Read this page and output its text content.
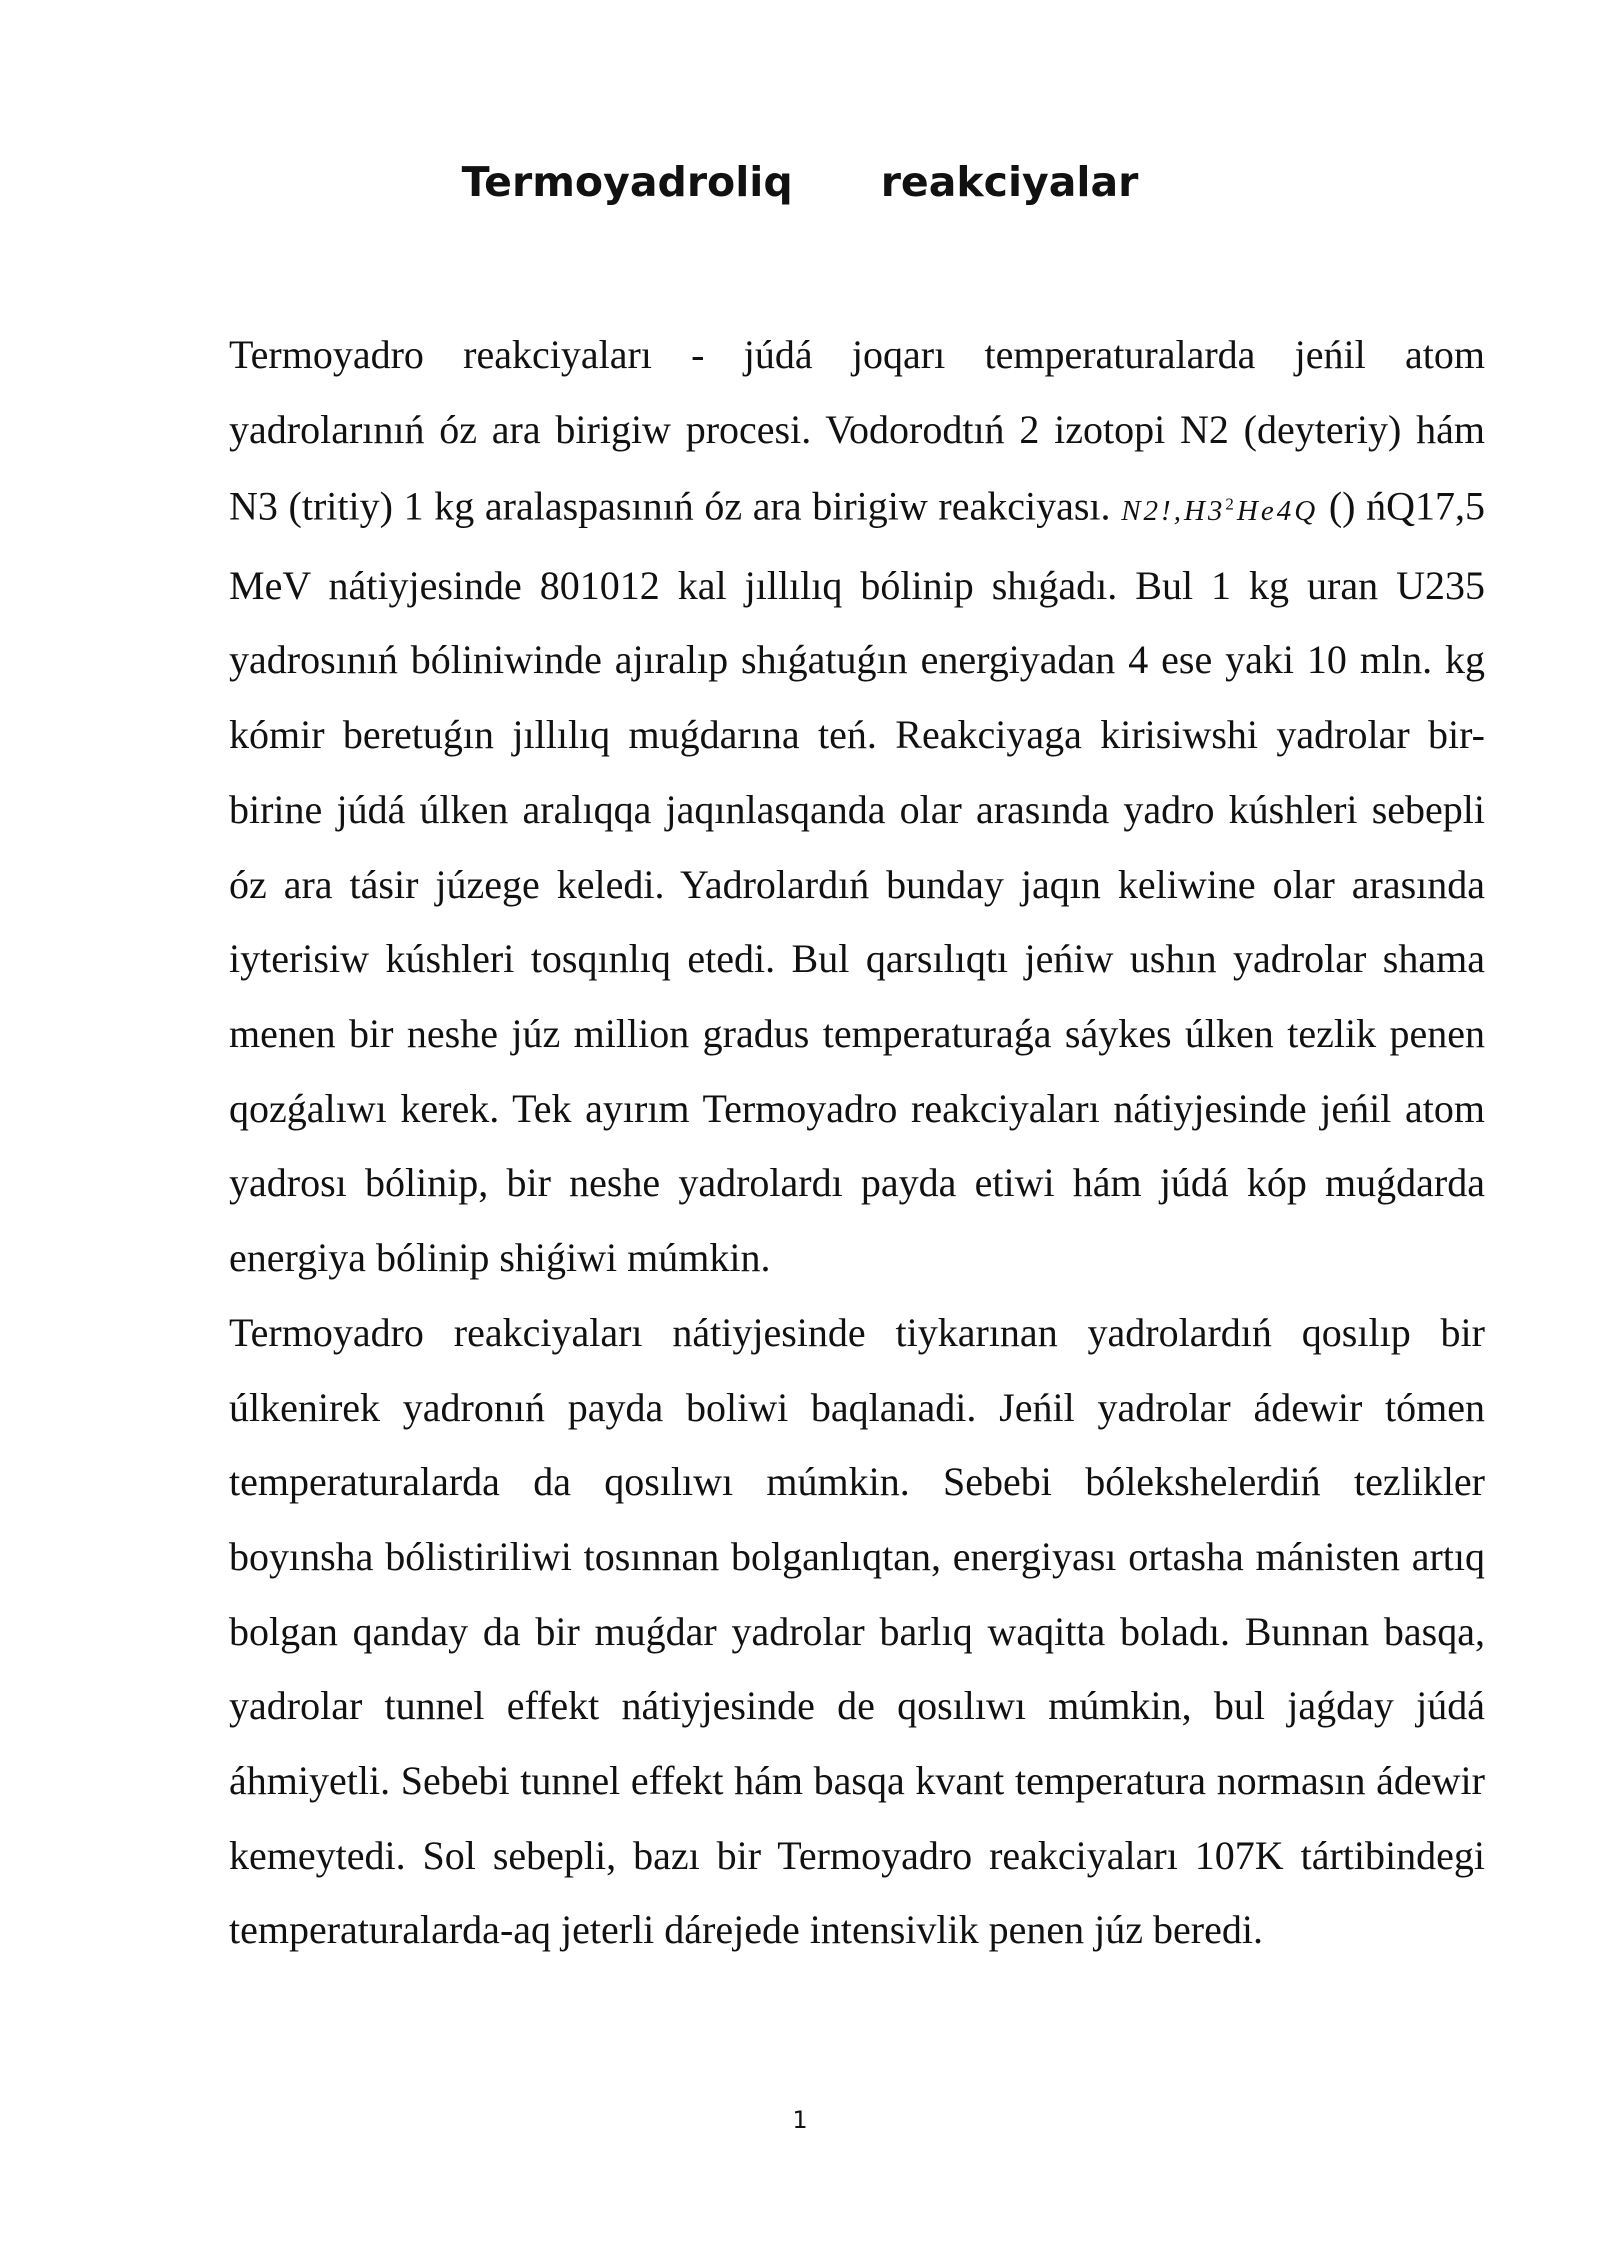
Termoyadroliq reakciyalar

Termoyadro reakciyaları - júdá joqarı temperaturalarda jeńil atom yadrolarınıń óz ara birigiw procesi. Vodorodtıń 2 izotopi N2 (deyteriy) hám N3 (tritiy) 1 kg aralaspasınıń óz ara birigiw reakciyası. $N2!,H3^2He4Q$ () ńQ17,5 MeV nátiyjesinde 801012 kal jıllılıq bólinip shıǵadı. Bul 1 kg uran U235 yadrosınıń bóliniwinde ajıralıp shıǵatuǵın energiyadan 4 ese yaki 10 mln. kg kómir beretuǵın jıllılıq muǵdarına teń. Reakciyaga kirisiwshi yadrolar bir-birine júdá úlken aralıqqa jaqınlasqanda olar arasında yadro kúshleri sebepli óz ara tásir júzege keledi. Yadrolardıń bunday jaqın keliwine olar arasında iyterisiw kúshleri tosqınlıq etedi. Bul qarsılıqtı jeńiw ushın yadrolar shama menen bir neshe júz million gradus temperaturaǵa sáykes úlken tezlik penen qozǵalıwı kerek. Tek ayırım Termoyadro reakciyaları nátiyjesinde jeńil atom yadrosı bólinip, bir neshe yadrolardı payda etiwi hám júdá kóp muǵdarda energiya bólinip shiǵiwi múmkin.

Termoyadro reakciyaları nátiyjesinde tiykarınan yadrolardıń qosılıp bir úlkenirek yadronıń payda boliwi baqlanadi. Jeńil yadrolar ádewir tómen temperaturalarda da qosılıwı múmkin. Sebebi bólekshelerdiń tezlikler boyınsha bólistiriliwi tosınnan bolganlıqtan, energiyası ortasha mánisten artıq bolgan qanday da bir muǵdar yadrolar barlıq waqitta boladı. Bunnan basqa, yadrolar tunnel effekt nátiyjesinde de qosılıwı múmkin, bul jaǵday júdá áhmiyetli. Sebebi tunnel effekt hám basqa kvant temperatura normasın ádewir kemeytedi. Sol sebepli, bazı bir Termoyadro reakciyaları 107K tártibindegi temperaturalarda-aq jeterli dárejede intensivlik penen júz beredi.

1
